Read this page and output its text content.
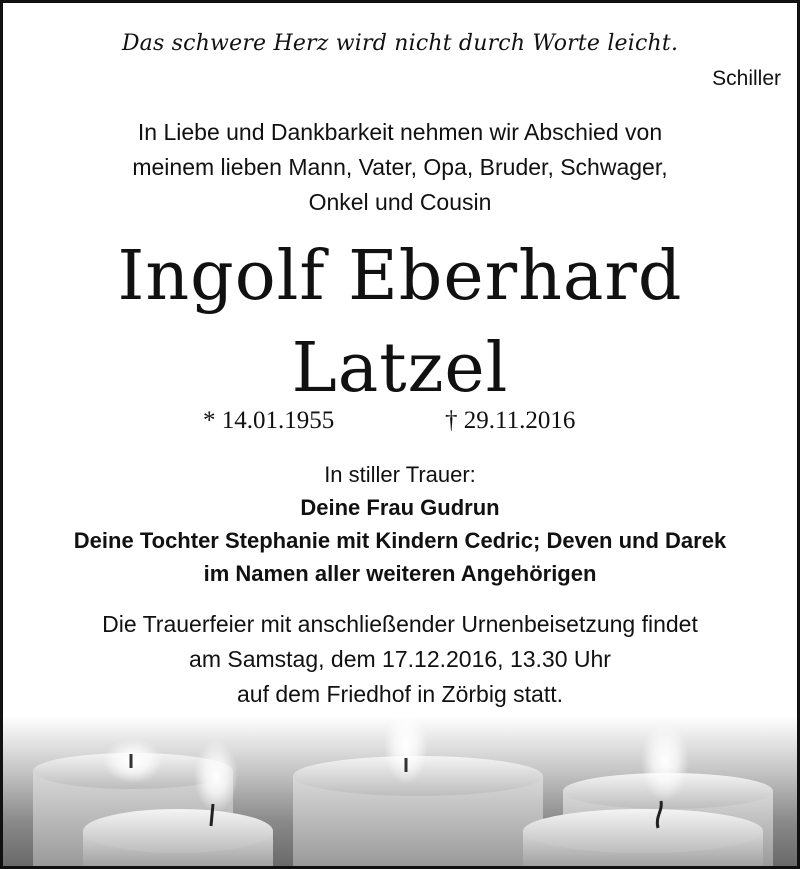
Das schwere Herz wird nicht durch Worte leicht.
Schiller
In Liebe und Dankbarkeit nehmen wir Abschied von
meinem lieben Mann, Vater, Opa, Bruder, Schwager,
Onkel und Cousin
Ingolf Eberhard
Latzel
* 14.01.1955	† 29.11.2016
In stiller Trauer:
Deine Frau Gudrun
Deine Tochter Stephanie mit Kindern Cedric; Deven und Darek
im Namen aller weiteren Angehörigen
Die Trauerfeier mit anschließender Urnenbeisetzung findet
am Samstag, dem 17.12.2016, 13.30 Uhr
auf dem Friedhof in Zörbig statt.
